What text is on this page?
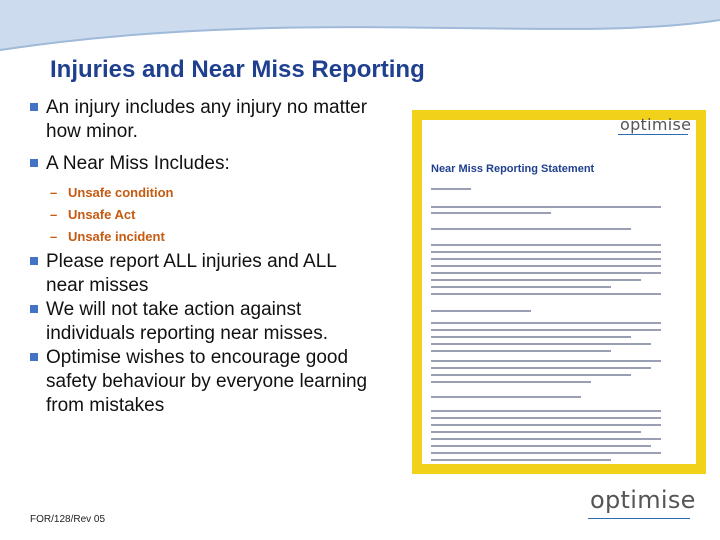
Injuries and Near Miss Reporting
An injury includes any injury no matter how minor.
A Near Miss Includes:
– Unsafe condition
– Unsafe Act
– Unsafe incident
Please report ALL injuries and ALL near misses
We will not take action against individuals reporting near misses.
Optimise wishes to encourage good safety behaviour by everyone learning from mistakes
FOR/128/Rev 05
optimise
Near Miss Reporting Statement
optimise
